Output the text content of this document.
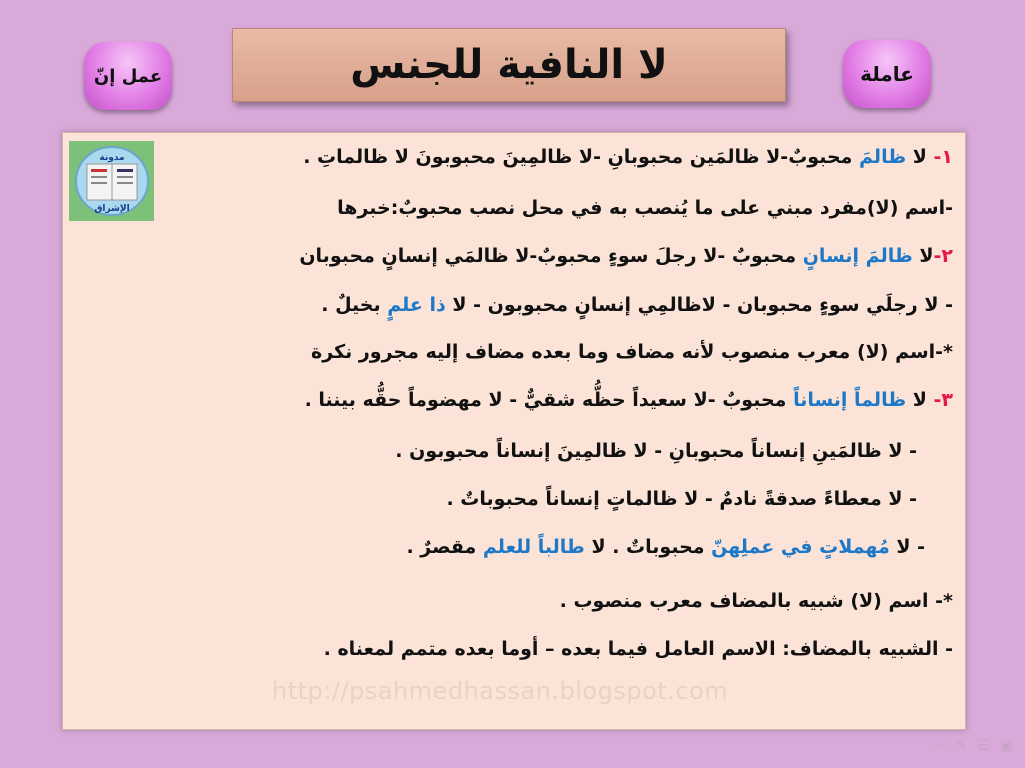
لا النافية للجنس
عمل إنّ	عاملة
مدونة
الإشراق
١- لا ظالمَ محبوبٌ-لا ظالمَين محبوبانِ -لا ظالمِينَ محبوبونَ لا ظالماتِ .
-اسم (لا)مفرد مبني على ما يُنصب به في محل نصب محبوبٌ:خبرها
٢-لا ظالمَ إنسانٍ محبوبٌ -لا رجلَ سوءٍ محبوبٌ-لا ظالمَي إنسانٍ محبوبان
- لا رجلَي سوءٍ محبوبان - لاظالمِي إنسانٍ محبوبون - لا ذا علمٍ بخيلٌ .
*-اسم (لا) معرب منصوب لأنه مضاف وما بعده مضاف إليه مجرور نكرة
٣- لا ظالماً إنساناً محبوبٌ -لا سعيداً حظُّه شقيٌّ - لا مهضوماً حقُّه بيننا .
- لا ظالمَينِ إنساناً محبوبانِ - لا ظالمِينَ إنساناً محبوبون .
- لا معطاءً صدقةً نادمٌ - لا ظالماتٍ إنساناً محبوباتٌ .
- لا مُهملاتٍ في عملِهنّ محبوباتٌ . لا طالباً للعلم مقصرٌ .
*- اسم (لا) شبيه بالمضاف معرب منصوب .
- الشبيه بالمضاف: الاسم العامل فيما بعده – أوما بعده متمم لمعناه .
http://psahmedhassan.blogspot.com
⇦ ✎ ☰ ▣
